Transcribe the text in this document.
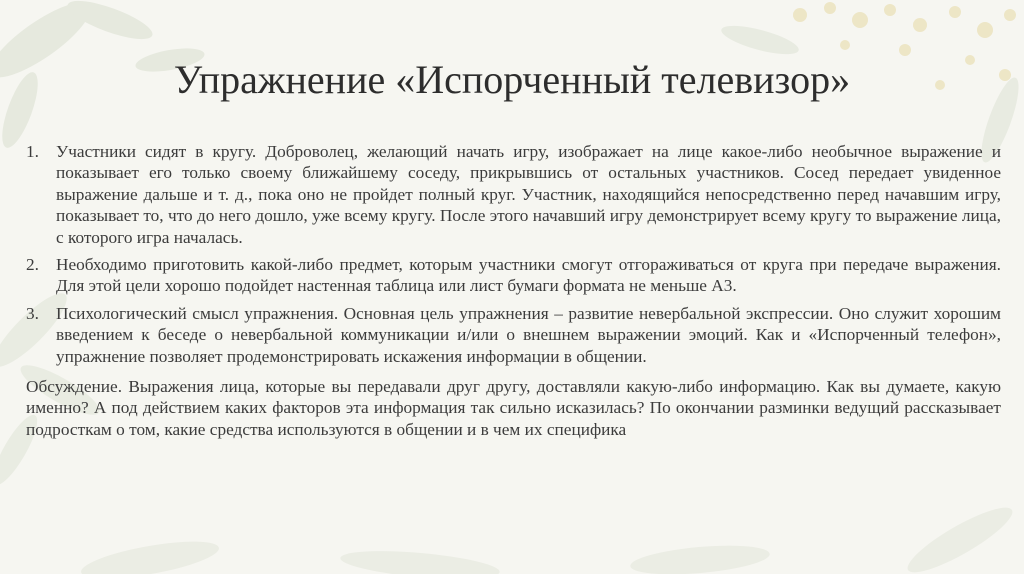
Упражнение «Испорченный телевизор»
1. Участники сидят в кругу. Доброволец, желающий начать игру, изображает на лице какое-либо необычное выражение и показывает его только своему ближайшему соседу, прикрывшись от остальных участников. Сосед передает увиденное выражение дальше и т. д., пока оно не пройдет полный круг. Участник, находящийся непосредственно перед начавшим игру, показывает то, что до него дошло, уже всему кругу. После этого начавший игру демонстрирует всему кругу то выражение лица, с которого игра началась.
2. Необходимо приготовить какой-либо предмет, которым участники смогут отгораживаться от круга при передаче выражения. Для этой цели хорошо подойдет настенная таблица или лист бумаги формата не меньше А3.
3. Психологический смысл упражнения. Основная цель упражнения – развитие невербальной экспрессии. Оно служит хорошим введением к беседе о невербальной коммуникации и/или о внешнем выражении эмоций. Как и «Испорченный телефон», упражнение позволяет продемонстрировать искажения информации в общении.
Обсуждение. Выражения лица, которые вы передавали друг другу, доставляли какую-либо информацию. Как вы думаете, какую именно? А под действием каких факторов эта информация так сильно исказилась? По окончании разминки ведущий рассказывает подросткам о том, какие средства используются в общении и в чем их специфика
